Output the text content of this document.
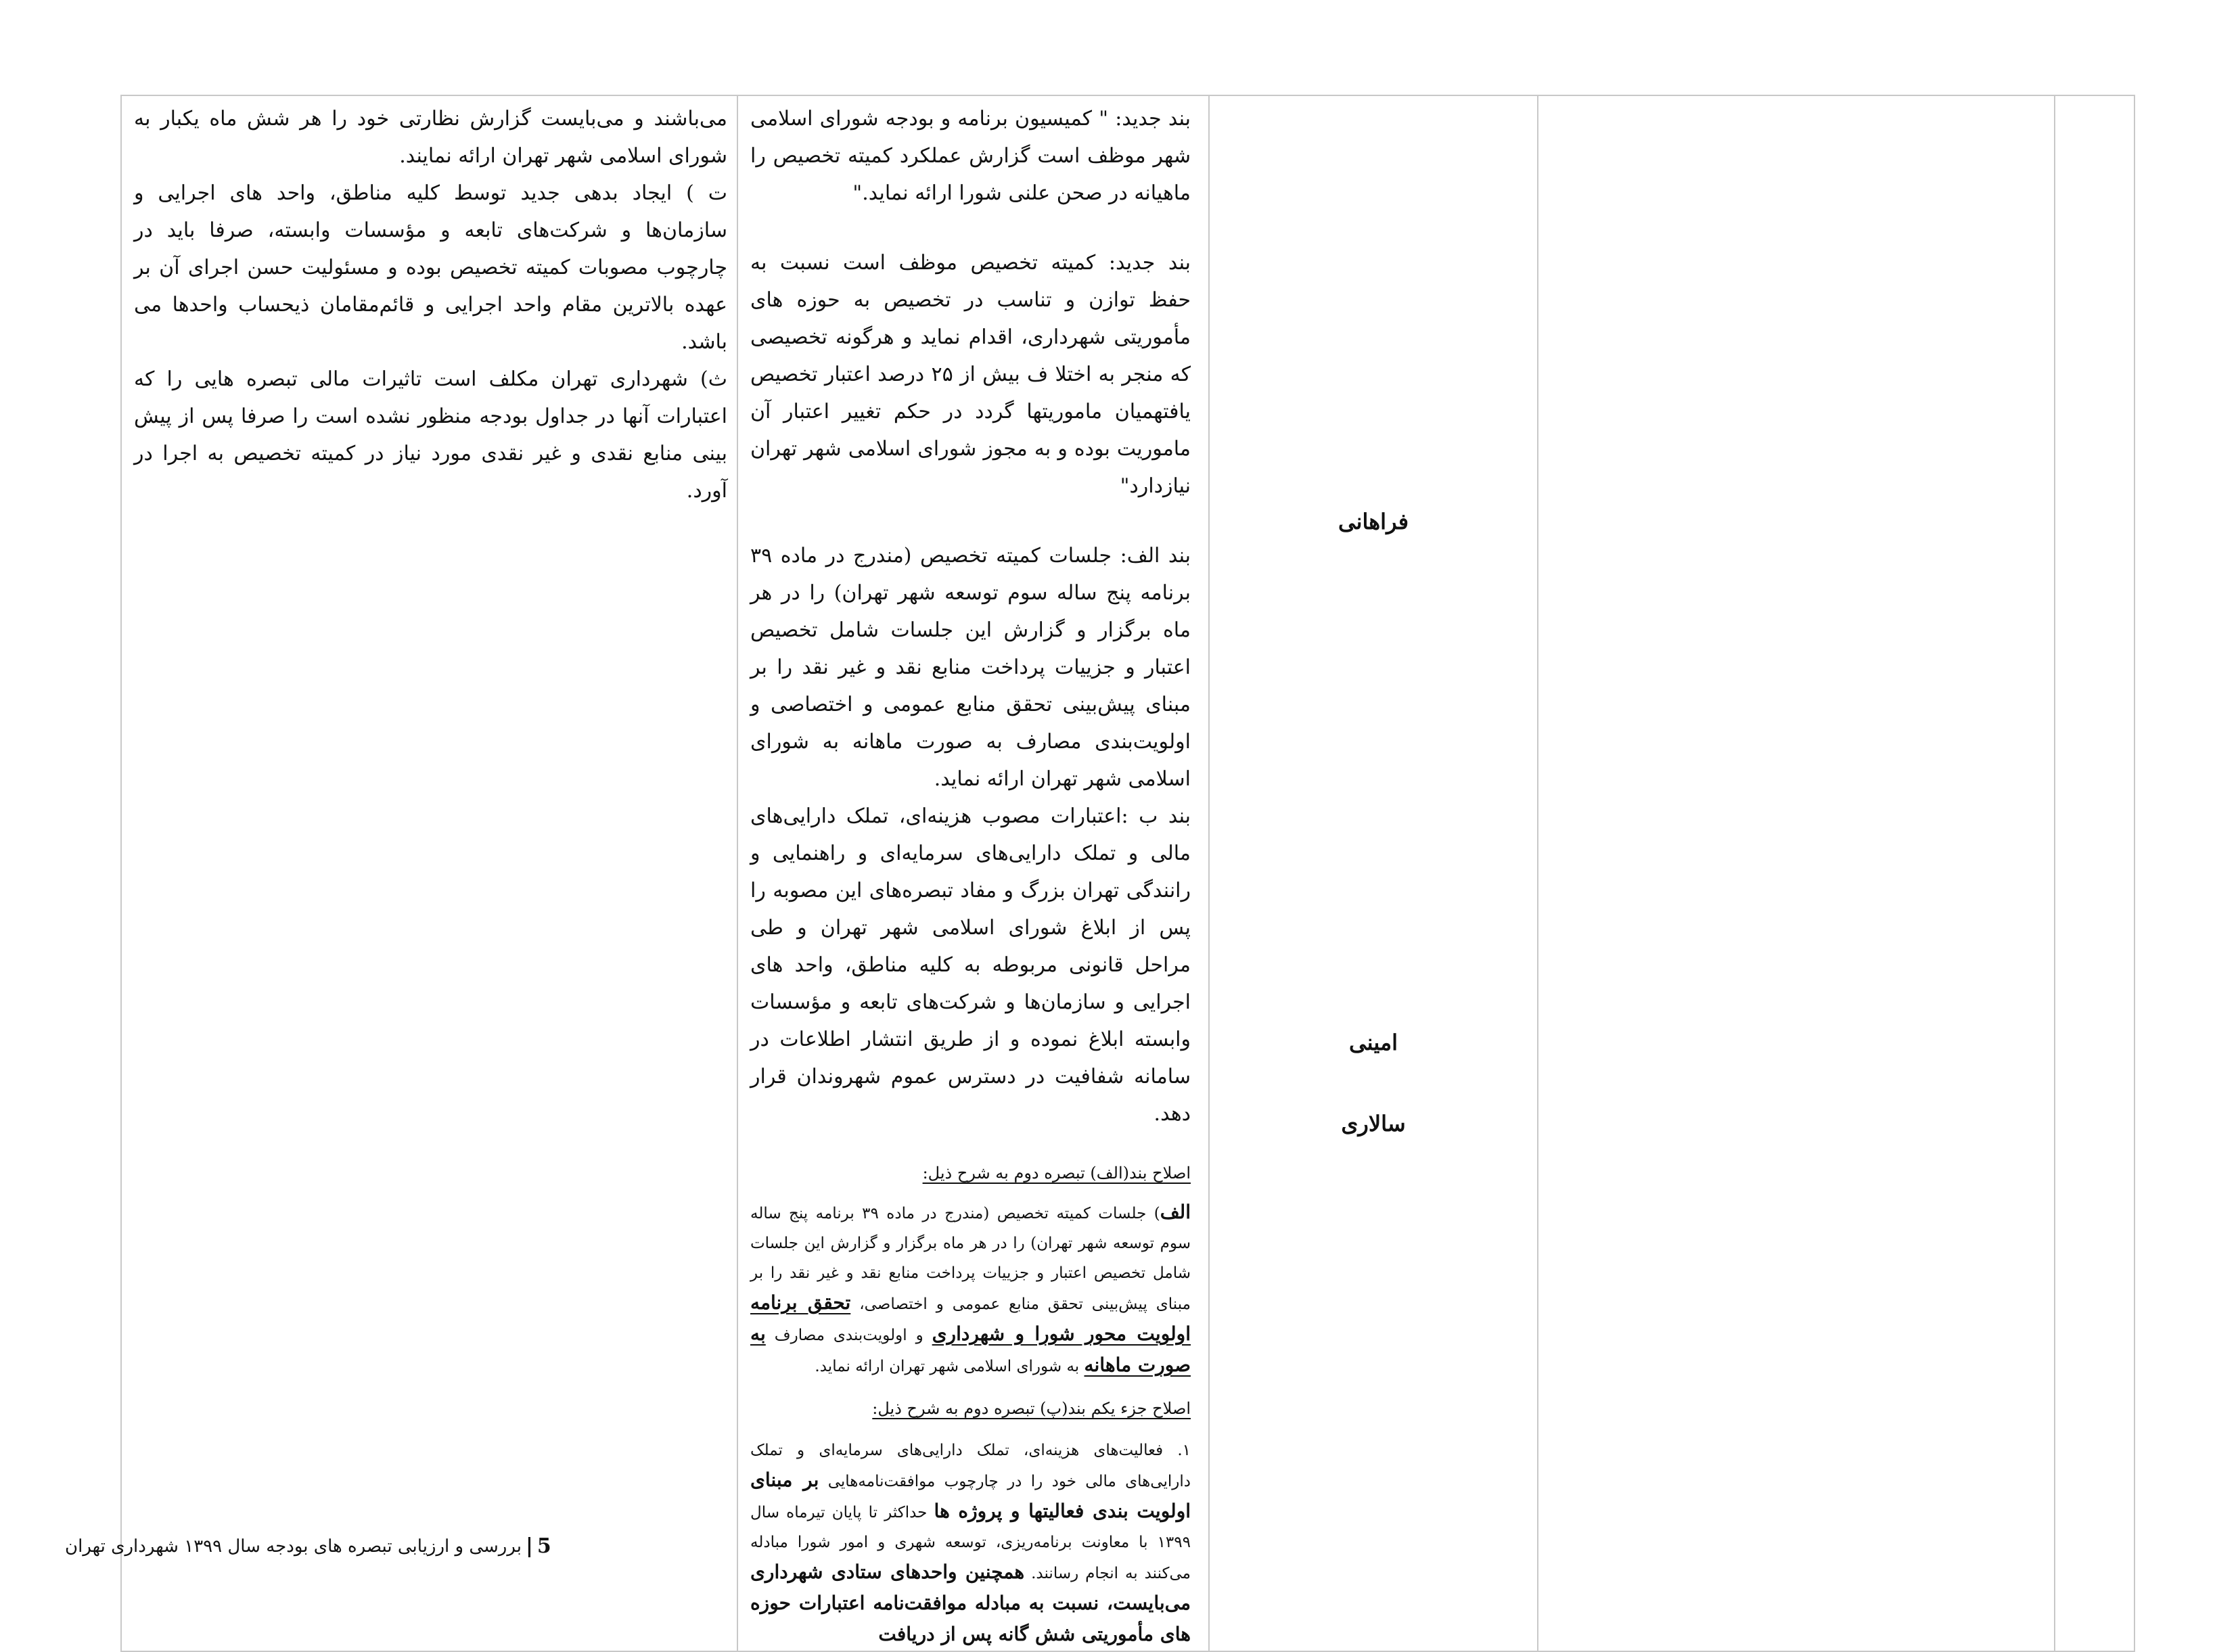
فراهانی
امینی
سالاری

بند جدید: " کمیسیون برنامه و بودجه شورای اسلامی شهر موظف است گزارش عملکرد کمیته تخصیص را ماهیانه در صحن علنی شورا ارائه نماید."

بند جدید: کمیته تخصیص موظف است نسبت به حفظ توازن و تناسب در تخصیص به حوزه های مأموریتی شهرداری، اقدام نماید و هرگونه تخصیصی که منجر به اختلا ف بیش از ۲۵ درصد اعتبار تخصیص یافتهمیان ماموریتها گردد در حکم تغییر اعتبار آن ماموریت بوده و به مجوز شورای اسلامی شهر تهران نیازدارد"

بند الف: جلسات کمیته تخصیص (مندرج در ماده ۳۹ برنامه پنج ساله سوم توسعه شهر تهران) را در هر ماه برگزار و گزارش این جلسات شامل تخصیص اعتبار و جزییات پرداخت منابع نقد و غیر نقد را بر مبنای پیش‌بینی تحقق منابع عمومی و اختصاصی و اولویت‌بندی مصارف به صورت ماهانه به شورای اسلامی شهر تهران ارائه نماید.

بند ب :اعتبارات مصوب هزینه‌ای، تملک دارایی‌های مالی و تملک دارایی‌های سرمایه‌ای و راهنمایی و رانندگی تهران بزرگ و مفاد تبصره‌های این مصوبه را پس از ابلاغ شورای اسلامی شهر تهران و طی مراحل قانونی مربوطه به کلیه مناطق، واحد های اجرایی و سازمان‌ها و شرکت‌های تابعه و مؤسسات وابسته ابلاغ نموده و از طریق انتشار اطلاعات در سامانه شفافیت در دسترس عموم شهروندان قرار دهد.

اصلاح بند(الف) تبصره دوم به شرح ذیل:

الف) جلسات کمیته تخصیص (مندرج در ماده ۳۹ برنامه پنج ساله سوم توسعه شهر تهران) را در هر ماه برگزار و گزارش این جلسات شامل تخصیص اعتبار و جزییات پرداخت منابع نقد و غیر نقد را بر مبنای پیش‌بینی تحقق منابع عمومی و اختصاصی، تحقق برنامه اولویت محور شورا و شهرداری و اولویت‌بندی مصارف به صورت ماهانه به شورای اسلامی شهر تهران ارائه نماید.

اصلاح جزء یکم بند(پ) تبصره دوم به شرح ذیل:

۱. فعالیت‌های هزینه‌ای، تملک دارایی‌های سرمایه‌ای و تملک دارایی‌های مالی خود را در چارچوب موافقت‌نامه‌هایی بر مبنای اولویت بندی فعالیتها و پروژه ها حداکثر تا پایان تیرماه سال ۱۳۹۹ با معاونت برنامه‌ریزی، توسعه شهری و امور شورا مبادله می‌کنند به انجام رسانند. همچنین واحدهای ستادی شهرداری می‌بایست، نسبت به مبادله موافقت‌نامه اعتبارات حوزه های مأموریتی شش گانه پس از دریافت

می‌باشند و می‌بایست گزارش نظارتی خود را هر شش ماه یکبار به شورای اسلامی شهر تهران ارائه نمایند.

ت ) ایجاد بدهی جدید توسط کلیه مناطق، واحد های اجرایی و سازمان‌ها و شرکت‌های تابعه و مؤسسات وابسته، صرفا باید در چارچوب مصوبات کمیته تخصیص بوده و مسئولیت حسن اجرای آن بر عهده بالاترین مقام واحد اجرایی و قائم‌مقامان ذیحساب واحدها می باشد.

ث) شهرداری تهران مکلف است تاثیرات مالی تبصره هایی را که اعتبارات آنها در جداول بودجه منظور نشده است را صرفا پس از پیش بینی منابع نقدی و غیر نقدی مورد نیاز در کمیته تخصیص به اجرا در آورد.

5
|
بررسی و ارزیابی تبصره های بودجه سال ۱۳۹۹ شهرداری تهران
